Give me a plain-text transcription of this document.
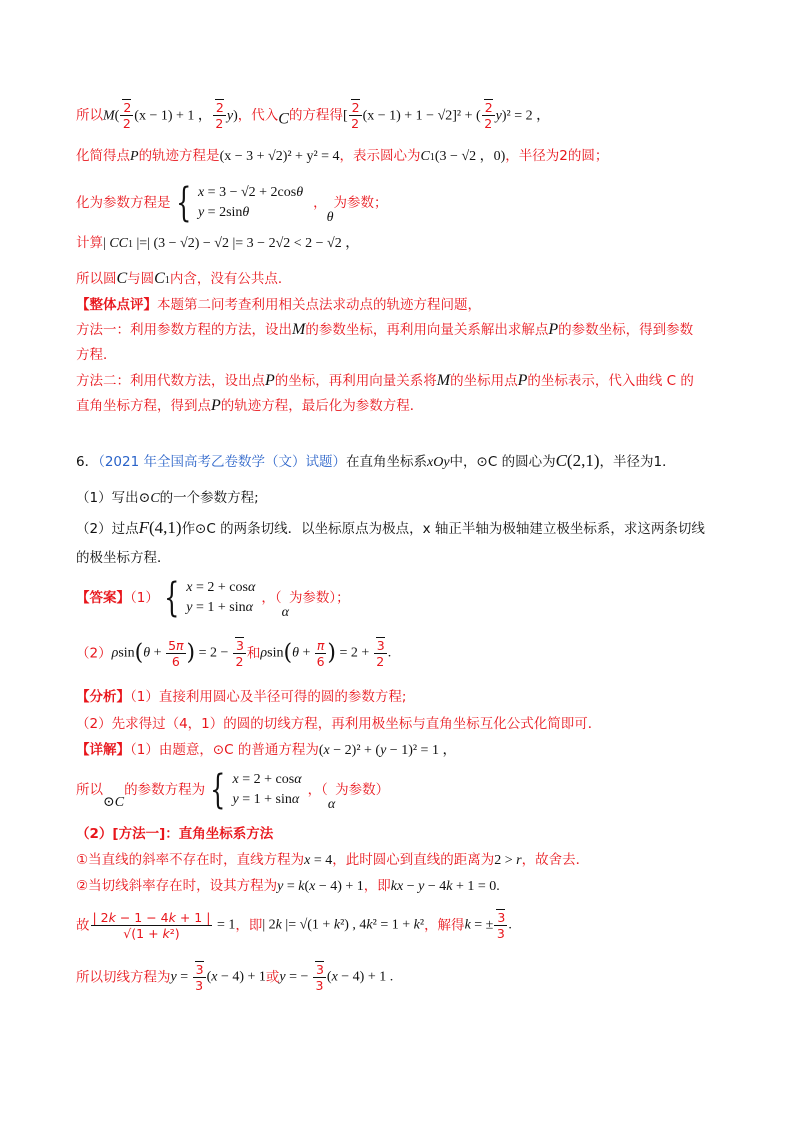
所以$M( \frac{2}{2} (x - 1) + 1$ ， $\frac{2}{2} y$)，代入C的方程得[ $\frac{2}{2} (x - 1) + 1 - √2]^2$ + ( $\frac{2}{2} y)^2 = 2$ ，
化简得点P的轨迹方程是(x − 3 + √2)² + y² = 4，表示圆心为C1(3 − √2 ，0)，半径为2的圆；
化为参数方程是 { x = 3 − √2 + 2cosθ
y = 2sinθ
，θ为参数；
计算| CC1 |=| (3 − √2) − √2 |= 3 − 2√2 < 2 − √2 ，
所以圆C与圆C1内含，没有公共点．
【整体点评】本题第二问考查利用相关点法求动点的轨迹方程问题，
方法一：利用参数方程的方法，设出M的参数坐标，再利用向量关系解出求解点P的参数坐标，得到参数
方程．
方法二：利用代数方法，设出点P的坐标，再利用向量关系将M的坐标用点P的坐标表示，代入曲线 C 的
直角坐标方程，得到点P的轨迹方程，最后化为参数方程．
6．（2021 年全国高考乙卷数学（文）试题）在直角坐标系xOy中，⊙C 的圆心为C(2,1)，半径为1．
（1）写出⊙C的一个参数方程;
（2）过点F(4,1)作⊙C 的两条切线．以坐标原点为极点，x 轴正半轴为极轴建立极坐标系，求这两条切线
的极坐标方程．
【答案】（1） { x = 2 + cosα
y = 1 + sinα
，（α为参数）；
$(2)\rho\sin(\theta + \frac{5\pi}{6}$ ) = $2 - \frac{3}{2}$ 和$\rho\sin(\theta + \frac{\pi}{6}$ ) = $2 + \frac{3}{2}$ .
【分析】（1）直接利用圆心及半径可得的圆的参数方程;
（2）先求得过（4，1）的圆的切线方程，再利用极坐标与直角坐标互化公式化简即可．
【详解】（1）由题意，⊙C 的普通方程为(x − 2)² + (y − 1)² = 1 ，
所以⊙C的参数方程为 { x = 2 + cosα
y = 1 + sinα
，（α为参数）
（2）[方法一]：直角坐标系方法
①当直线的斜率不存在时，直线方程为x = 4，此时圆心到直线的距离为2 > r，故舍去．
②当切线斜率存在时，设其方程为y = k(x − 4) + 1，即kx − y − 4k + 1 = 0.
故 $\frac{| 2k - 1 - 4k + 1 |}{\text{√(1 + k²)}} = 1$，即| 2k |= √(1 + k²) , 4k² = 1 + k²，解得k = ± $\frac{3}{3}$ .
所以切线方程为$y = \frac{3}{3} (x - 4) + 1$或y = − $\frac{3}{3} (x - 4) + 1$ .
